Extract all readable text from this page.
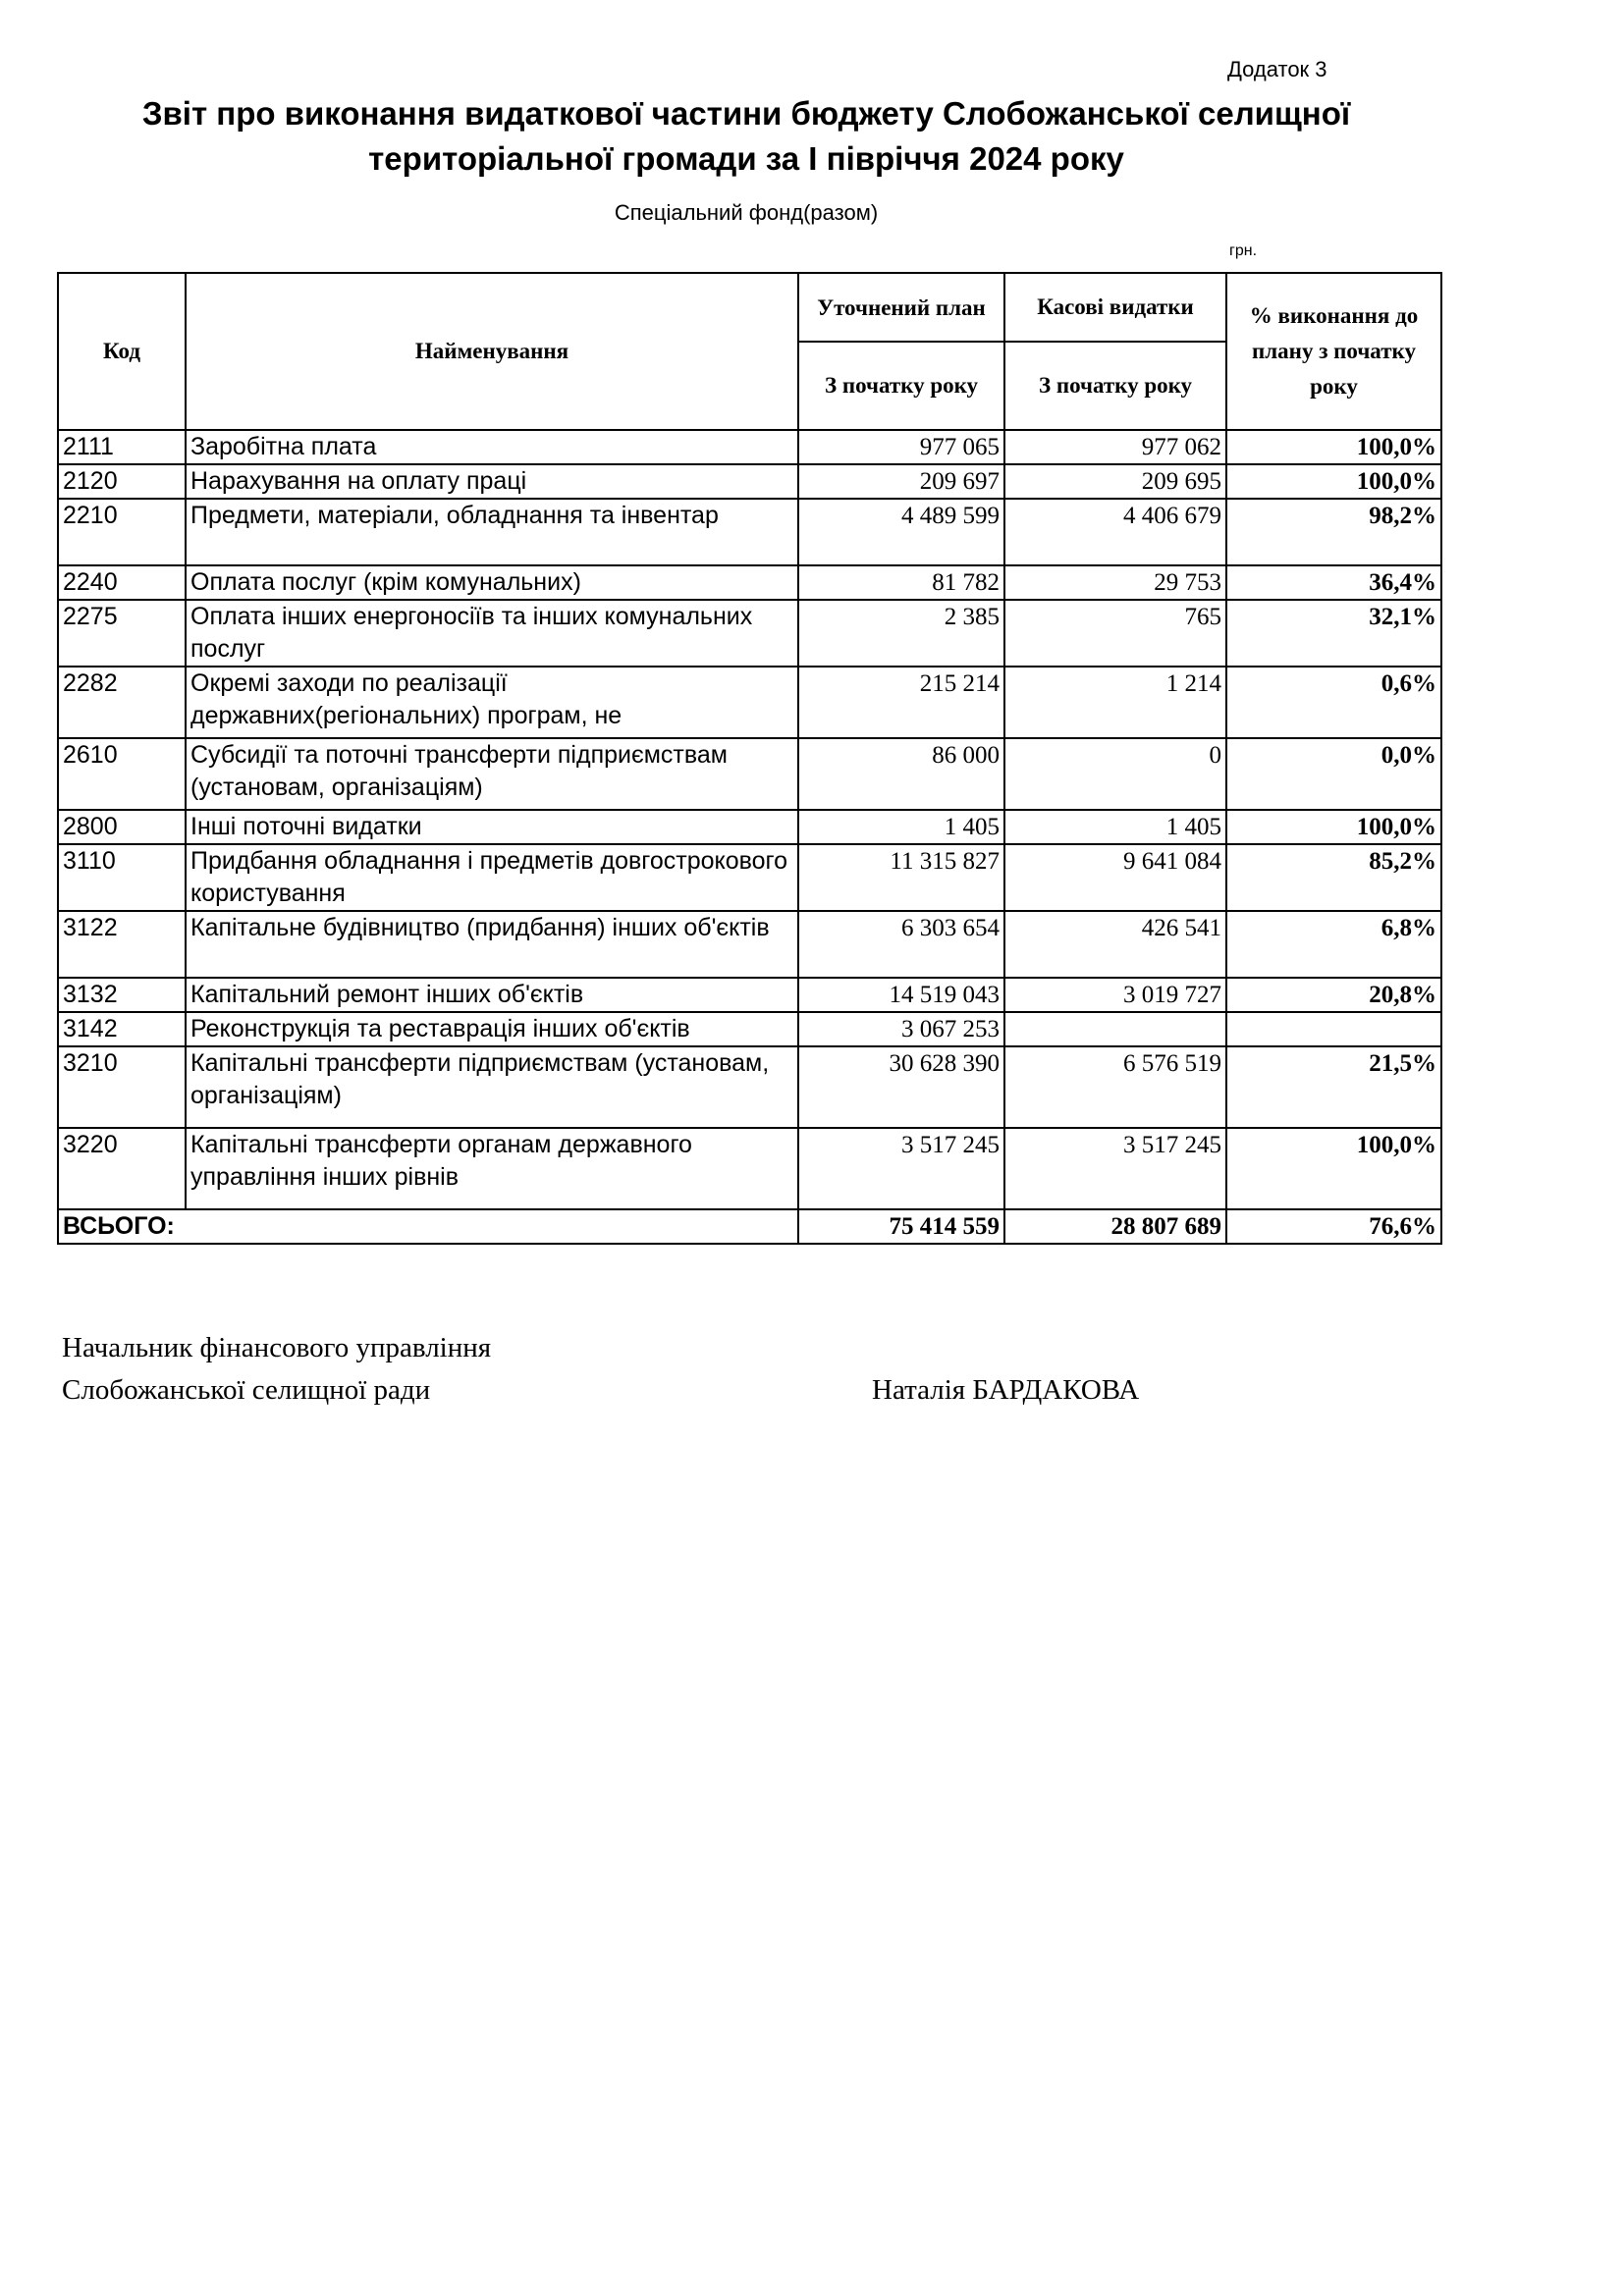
Додаток 3
Звіт про виконання видаткової частини бюджету Слобожанської селищної
територіальної громади за І півріччя 2024 року
Спеціальний фонд(разом)
грн.
Код	Найменування	Уточнений план	Касові видатки	% виконання до плану з початку року
		З початку року	З початку року	
2111	Заробітна плата	977 065	977 062	100,0%
2120	Нарахування на оплату праці	209 697	209 695	100,0%
2210	Предмети, матеріали, обладнання та інвентар	4 489 599	4 406 679	98,2%
2240	Оплата послуг (крім комунальних)	81 782	29 753	36,4%
2275	Оплата інших енергоносіїв та інших комунальних послуг	2 385	765	32,1%
2282	Окремі заходи по реалізації державних(регіональних) програм, не	215 214	1 214	0,6%
2610	Субсидії та поточні трансферти підприємствам (установам, організаціям)	86 000	0	0,0%
2800	Інші поточні видатки	1 405	1 405	100,0%
3110	Придбання обладнання і предметів довгострокового користування	11 315 827	9 641 084	85,2%
3122	Капітальне будівництво (придбання) інших об'єктів	6 303 654	426 541	6,8%
3132	Капітальний ремонт інших об'єктів	14 519 043	3 019 727	20,8%
3142	Реконструкція та реставрація інших об'єктів	3 067 253		
3210	Капітальні трансферти підприємствам (установам, організаціям)	30 628 390	6 576 519	21,5%
3220	Капітальні трансферти органам державного управління інших рівнів	3 517 245	3 517 245	100,0%
ВСЬОГО:		75 414 559	28 807 689	76,6%
Начальник фінансового управління
Слобожанської селищної ради	Наталія БАРДАКОВА
